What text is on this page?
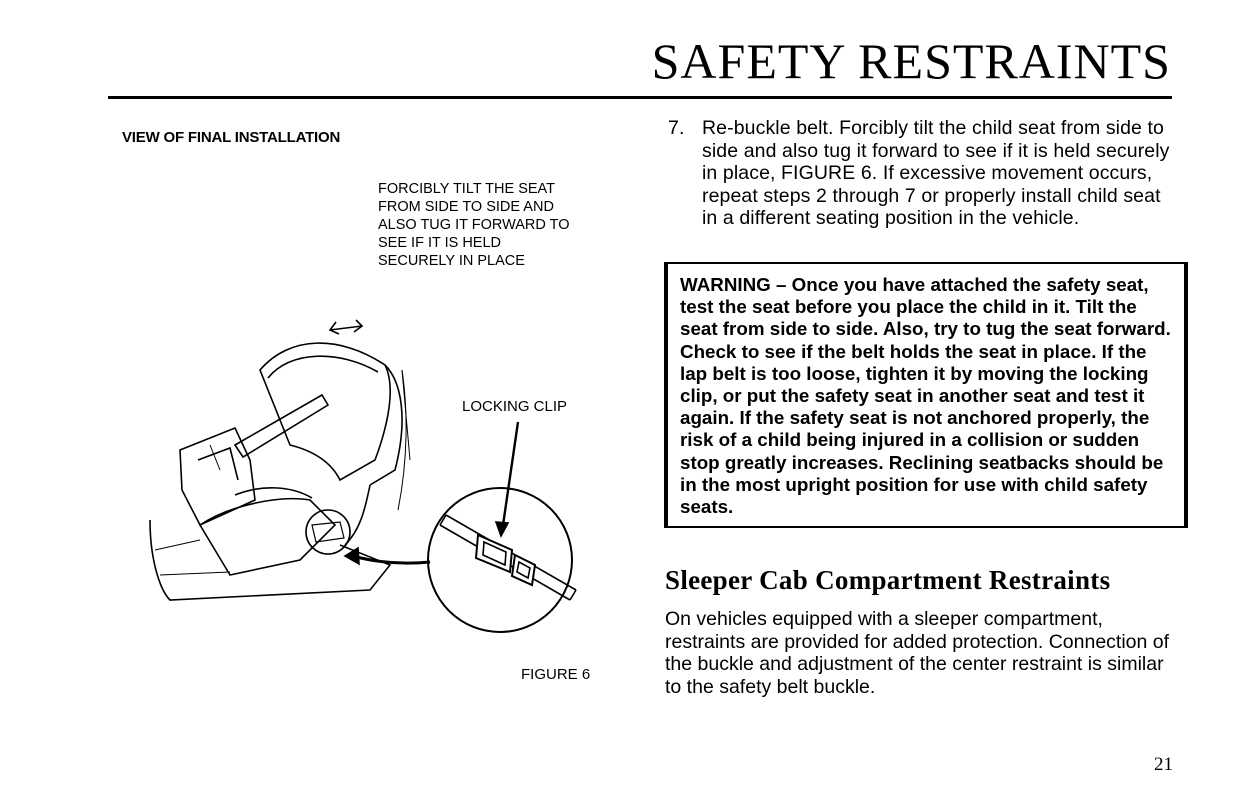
SAFETY RESTRAINTS
VIEW OF FINAL INSTALLATION
FORCIBLY TILT THE SEAT FROM SIDE TO SIDE AND ALSO TUG IT FORWARD TO SEE IF IT IS HELD SECURELY IN PLACE
LOCKING CLIP
FIGURE 6
7. Re-buckle belt. Forcibly tilt the child seat from side to side and also tug it forward to see if it is held securely in place, FIGURE 6. If excessive movement occurs, repeat steps 2 through 7 or properly install child seat in a different seating position in the vehicle.
WARNING – Once you have attached the safety seat, test the seat before you place the child in it. Tilt the seat from side to side. Also, try to tug the seat forward. Check to see if the belt holds the seat in place. If the lap belt is too loose, tighten it by moving the locking clip, or put the safety seat in another seat and test it again. If the safety seat is not anchored properly, the risk of a child being injured in a collision or sudden stop greatly increases. Reclining seatbacks should be in the most upright position for use with child safety seats.
Sleeper Cab Compartment Restraints
On vehicles equipped with a sleeper compartment, restraints are provided for added protection. Connection of the buckle and adjustment of the center restraint is similar to the safety belt buckle.
21
